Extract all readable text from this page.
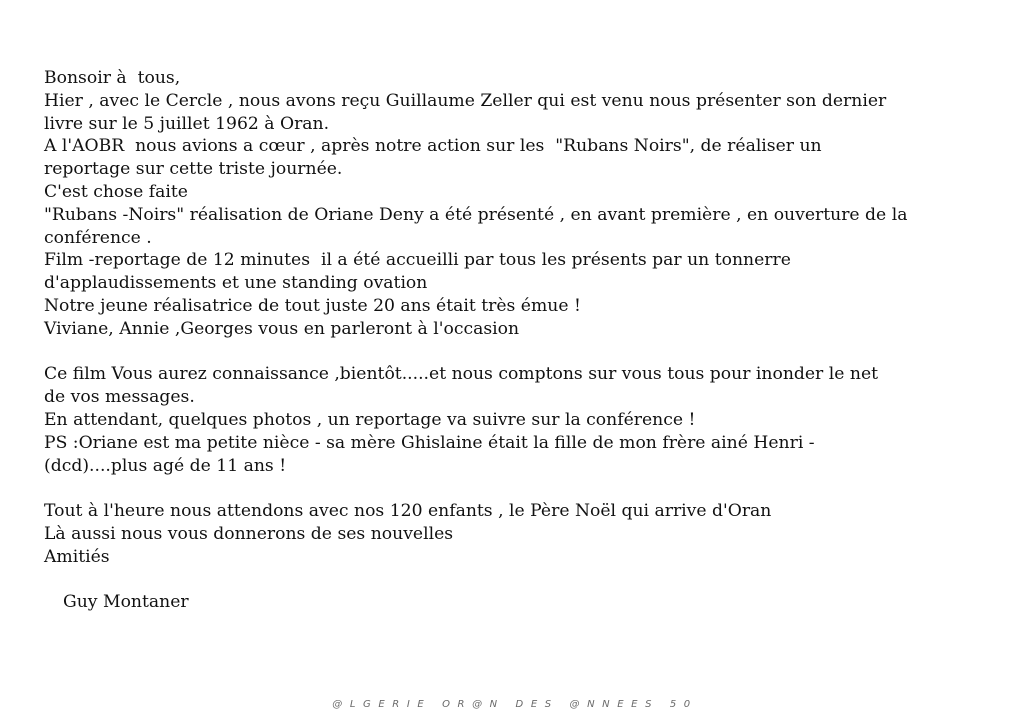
Bonsoir à  tous,
Hier , avec le Cercle , nous avons reçu Guillaume Zeller qui est venu nous présenter son dernier
livre sur le 5 juillet 1962 à Oran.
A l'AOBR  nous avions a cœur , après notre action sur les  "Rubans Noirs", de réaliser un
reportage sur cette triste journée.
C'est chose faite
"Rubans -Noirs" réalisation de Oriane Deny a été présenté , en avant première , en ouverture de la
conférence .
Film -reportage de 12 minutes  il a été accueilli par tous les présents par un tonnerre
d'applaudissements et une standing ovation
Notre jeune réalisatrice de tout juste 20 ans était très émue !
Viviane, Annie ,Georges vous en parleront à l'occasion
Ce film Vous aurez connaissance ,bientôt.....et nous comptons sur vous tous pour inonder le net
de vos messages.
En attendant, quelques photos , un reportage va suivre sur la conférence !
PS :Oriane est ma petite nièce - sa mère Ghislaine était la fille de mon frère ainé Henri -
(dcd)....plus agé de 11 ans !
Tout à l'heure nous attendons avec nos 120 enfants , le Père Noël qui arrive d'Oran
Là aussi nous vous donnerons de ses nouvelles
Amitiés
Guy Montaner
@LGERIE OR@N DES @NNEES 50
